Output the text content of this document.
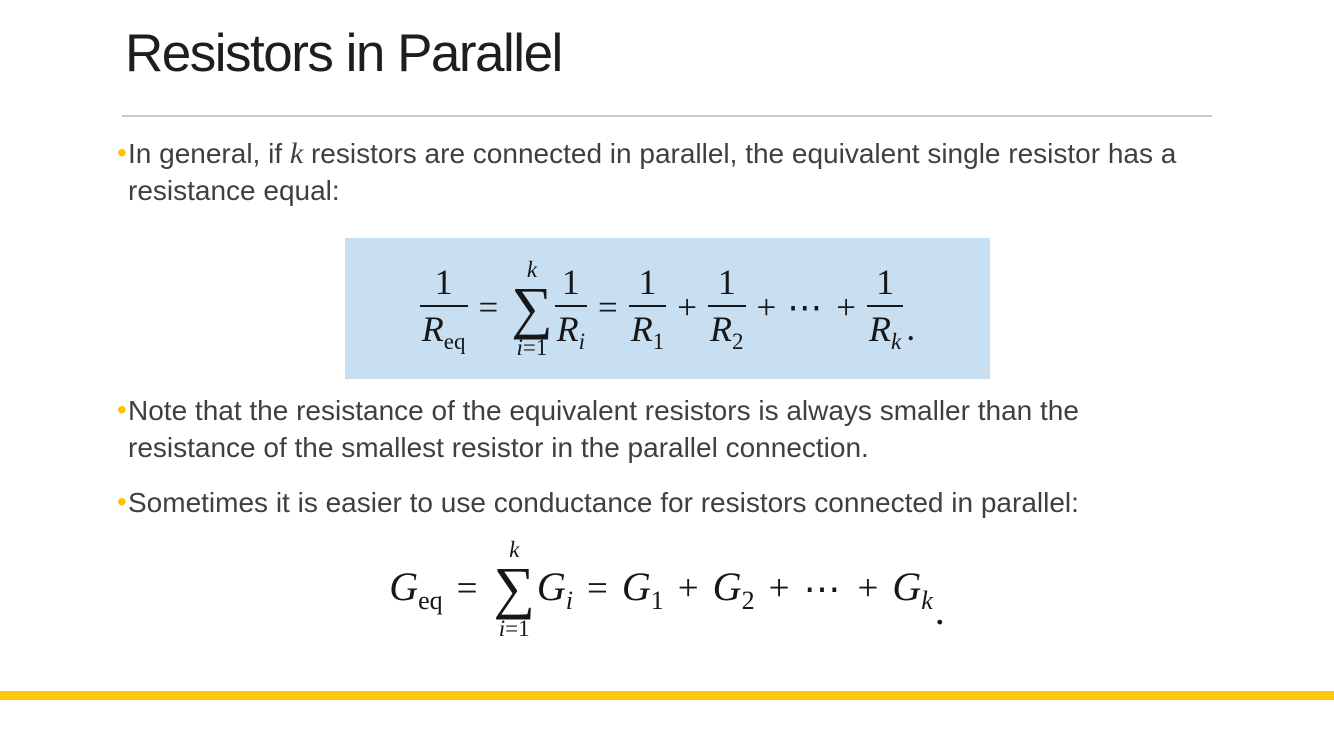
Resistors in Parallel

• In general, if k resistors are connected in parallel, the equivalent single resistor has a resistance equal:

$\frac{1}{R_{eq}}$ =
k
∑
$i=1 \frac{1}{R_i} = \frac{1}{R_1} + \frac{1}{R_2}$ + ⋯ + $\frac{1}{R_k}$ .

• Note that the resistance of the equivalent resistors is always smaller than the resistance of the smallest resistor in the parallel connection.

• Sometimes it is easier to use conductance for resistors connected in parallel:

$G_{eq}$ =
k
∑
i=1
$G_i = G_1 + G_2$ + ⋯ + $G_k$ .
